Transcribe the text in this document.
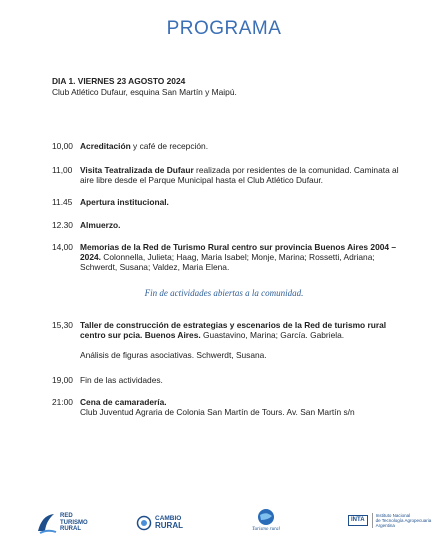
PROGRAMA
DIA 1. VIERNES 23 AGOSTO 2024
Club Atlético Dufaur, esquina San Martín y Maipú.
10,00 Acreditación y café de recepción.
11,00 Visita Teatralizada de Dufaur realizada por residentes de la comunidad. Caminata al aire libre desde el Parque Municipal hasta el Club Atlético Dufaur.
11.45 Apertura institucional.
12.30 Almuerzo.
14,00 Memorias de la Red de Turismo Rural centro sur provincia Buenos Aires 2004 – 2024. Colonnella, Julieta; Haag, Maria Isabel; Monje, Marina; Rossetti, Adriana; Schwerdt, Susana; Valdez, Maria Elena.
Fin de actividades abiertas a la comunidad.
15,30 Taller de construcción de estrategias y escenarios de la Red de turismo rural centro sur pcia. Buenos Aires. Guastavino, Marina; García. Gabriela.
Análisis de figuras asociativas. Schwerdt, Susana.
19,00 Fin de las actividades.
21:00 Cena de camaradería.
Club Juventud Agraria de Colonia San Martín de Tours. Av. San Martín s/n
RED
TURISMO
RURAL
CAMBIO
RURAL	Turismo rural
INTA
Instituto Nacional
de Tecnología Agropecuaria
Argentina
